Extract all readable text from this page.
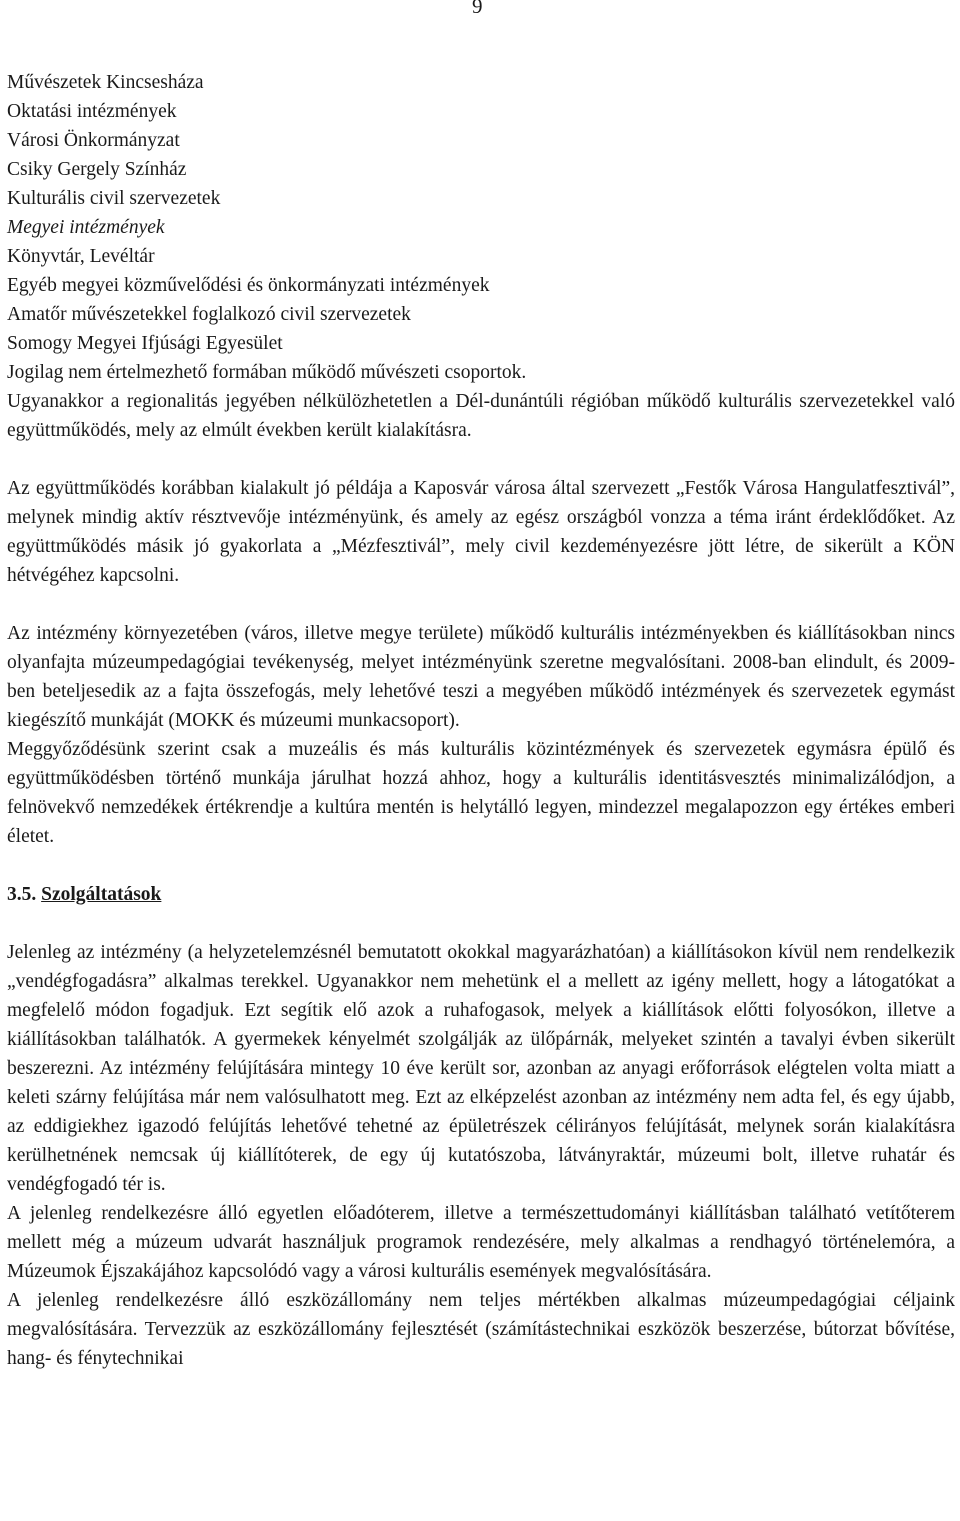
9
Művészetek Kincsesháza
Oktatási intézmények
Városi Önkormányzat
Csiky Gergely Színház
Kulturális civil szervezetek
Megyei intézmények
Könyvtár, Levéltár
Egyéb megyei közművelődési és önkormányzati intézmények
Amatőr művészetekkel foglalkozó civil szervezetek
Somogy Megyei Ifjúsági Egyesület
Jogilag nem értelmezhető formában működő művészeti csoportok.
Ugyanakkor a regionalitás jegyében nélkülözhetetlen a Dél-dunántúli régióban működő kulturális szervezetekkel való együttműködés, mely az elmúlt években került kialakításra.
Az együttműködés korábban kialakult jó példája a Kaposvár városa által szervezett „Festők Városa Hangulatfesztivál”, melynek mindig aktív résztvevője intézményünk, és amely az egész országból vonzza a téma iránt érdeklődőket. Az együttműködés másik jó gyakorlata a „Mézfesztivál”, mely civil kezdeményezésre jött létre, de sikerült a KÖN hétvégéhez kapcsolni.
Az intézmény környezetében (város, illetve megye területe) működő kulturális intézményekben és kiállításokban nincs olyanfajta múzeumpedagógiai tevékenység, melyet intézményünk szeretne megvalósítani. 2008-ban elindult, és 2009-ben beteljesedik az a fajta összefogás, mely lehetővé teszi a megyében működő intézmények és szervezetek egymást kiegészítő munkáját (MOKK és múzeumi munkacsoport).
Meggyőződésünk szerint csak a muzeális és más kulturális közintézmények és szervezetek egymásra épülő és együttműködésben történő munkája járulhat hozzá ahhoz, hogy a kulturális identitásvesztés minimalizálódjon, a felnövekvő nemzedékek értékrendje a kultúra mentén is helytálló legyen, mindezzel megalapozzon egy értékes emberi életet.
3.5. Szolgáltatások
Jelenleg az intézmény (a helyzetelemzésnél bemutatott okokkal magyarázhatóan) a kiállításokon kívül nem rendelkezik „vendégfogadásra” alkalmas terekkel. Ugyanakkor nem mehetünk el a mellett az igény mellett, hogy a látogatókat a megfelelő módon fogadjuk. Ezt segítik elő azok a ruhafogasok, melyek a kiállítások előtti folyosókon, illetve a kiállításokban találhatók. A gyermekek kényelmét szolgálják az ülőpárnák, melyeket szintén a tavalyi évben sikerült beszerezni. Az intézmény felújítására mintegy 10 éve került sor, azonban az anyagi erőforrások elégtelen volta miatt a keleti szárny felújítása már nem valósulhatott meg. Ezt az elképzelést azonban az intézmény nem adta fel, és egy újabb, az eddigiekhez igazodó felújítás lehetővé tehetné az épületrészek célirányos felújítását, melynek során kialakításra kerülhetnének nemcsak új kiállítóterek, de egy új kutatószoba, látványraktár, múzeumi bolt, illetve ruhatár és vendégfogadó tér is.
A jelenleg rendelkezésre álló egyetlen előadóterem, illetve a természettudományi kiállításban található vetítőterem mellett még a múzeum udvarát használjuk programok rendezésére, mely alkalmas a rendhagyó történelemóra, a Múzeumok Éjszakájához kapcsolódó vagy a városi kulturális események megvalósítására.
A jelenleg rendelkezésre álló eszközállomány nem teljes mértékben alkalmas múzeumpedagógiai céljaink megvalósítására. Tervezzük az eszközállomány fejlesztését (számítástechnikai eszközök beszerzése, bútorzat bővítése, hang- és fénytechnikai
